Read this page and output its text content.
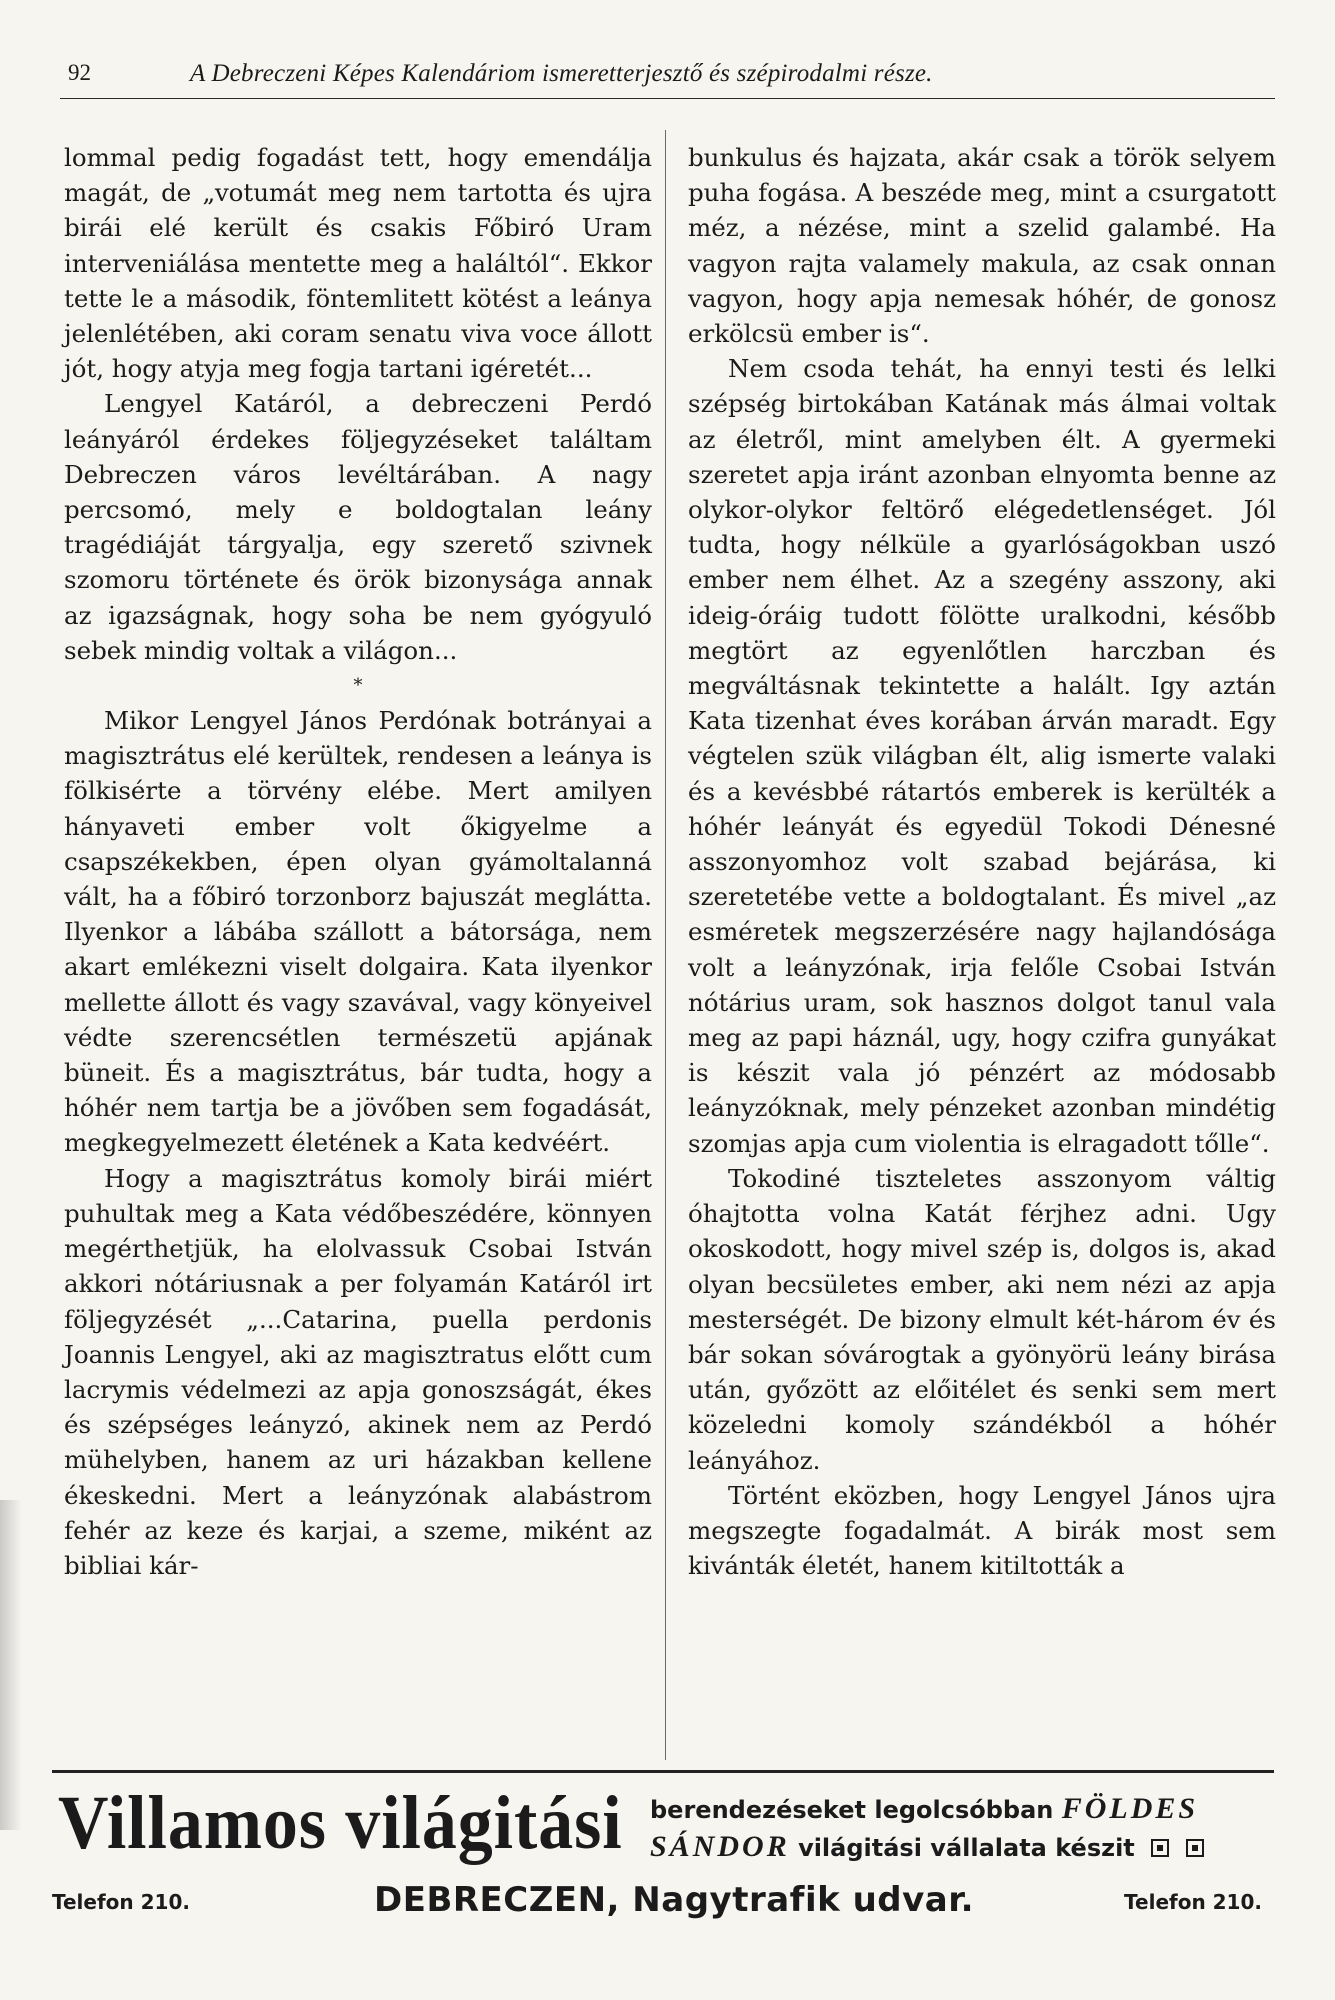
92	A Debreczeni Képes Kalendáriom ismeretterjesztő és szépirodalmi része.

lommal pedig fogadást tett, hogy emendálja magát, de „votumát meg nem tartotta és ujra birái elé került és csakis Főbiró Uram interveniálása mentette meg a haláltól“. Ekkor tette le a második, föntemlitett kötést a leánya jelenlétében, aki coram senatu viva voce állott jót, hogy atyja meg fogja tartani igéretét...

Lengyel Katáról, a debreczeni Perdó leányáról érdekes följegyzéseket találtam Debreczen város levéltárában. A nagy percsomó, mely e boldogtalan leány tragédiáját tárgyalja, egy szerető szivnek szomoru története és örök bizonysága annak az igazságnak, hogy soha be nem gyógyuló sebek mindig voltak a világon...

*

Mikor Lengyel János Perdónak botrányai a magisztrátus elé kerültek, rendesen a leánya is fölkisérte a törvény elébe. Mert amilyen hányaveti ember volt őkigyelme a csapszékekben, épen olyan gyámoltalanná vált, ha a főbiró torzonborz bajuszát meglátta. Ilyenkor a lábába szállott a bátorsága, nem akart emlékezni viselt dolgaira. Kata ilyenkor mellette állott és vagy szavával, vagy könyeivel védte szerencsétlen természetü apjának büneit. És a magisztrátus, bár tudta, hogy a hóhér nem tartja be a jövőben sem fogadását, megkegyelmezett életének a Kata kedvéért.

Hogy a magisztrátus komoly birái miért puhultak meg a Kata védőbeszédére, könnyen megérthetjük, ha elolvassuk Csobai István akkori nótáriusnak a per folyamán Katáról irt följegyzését „...Catarina, puella perdonis Joannis Lengyel, aki az magisztratus előtt cum lacrymis védelmezi az apja gonoszságát, ékes és szépséges leányzó, akinek nem az Perdó mühelyben, hanem az uri házakban kellene ékeskedni. Mert a leányzónak alabástrom fehér az keze és karjai, a szeme, miként az bibliai kár-

bunkulus és hajzata, akár csak a török selyem puha fogása. A beszéde meg, mint a csurgatott méz, a nézése, mint a szelid galambé. Ha vagyon rajta valamely makula, az csak onnan vagyon, hogy apja nemesak hóhér, de gonosz erkölcsü ember is“.

Nem csoda tehát, ha ennyi testi és lelki szépség birtokában Katának más álmai voltak az életről, mint amelyben élt. A gyermeki szeretet apja iránt azonban elnyomta benne az olykor-olykor feltörő elégedetlenséget. Jól tudta, hogy nélküle a gyarlóságokban uszó ember nem élhet. Az a szegény asszony, aki ideig-óráig tudott fölötte uralkodni, később megtört az egyenlőtlen harczban és megváltásnak tekintette a halált. Igy aztán Kata tizenhat éves korában árván maradt. Egy végtelen szük világban élt, alig ismerte valaki és a kevésbbé rátartós emberek is kerülték a hóhér leányát és egyedül Tokodi Dénesné asszonyomhoz volt szabad bejárása, ki szeretetébe vette a boldogtalant. És mivel „az esméretek megszerzésére nagy hajlandósága volt a leányzónak, irja felőle Csobai István nótárius uram, sok hasznos dolgot tanul vala meg az papi háznál, ugy, hogy czifra gunyákat is készit vala jó pénzért az módosabb leányzóknak, mely pénzeket azonban mindétig szomjas apja cum violentia is elragadott tőlle“.

Tokodiné tiszteletes asszonyom váltig óhajtotta volna Katát férjhez adni. Ugy okoskodott, hogy mivel szép is, dolgos is, akad olyan becsületes ember, aki nem nézi az apja mesterségét. De bizony elmult két-három év és bár sokan sóvárogtak a gyönyörü leány birása után, győzött az előitélet és senki sem mert közeledni komoly szándékból a hóhér leányához.

Történt eközben, hogy Lengyel János ujra megszegte fogadalmát. A birák most sem kivánták életét, hanem kitiltották a

Villamos világitási berendezéseket legolcsóbban FÖLDES
SÁNDOR világitási vállalata készit
Telefon 210.	DEBRECZEN, Nagytrafik udvar.	Telefon 210.
